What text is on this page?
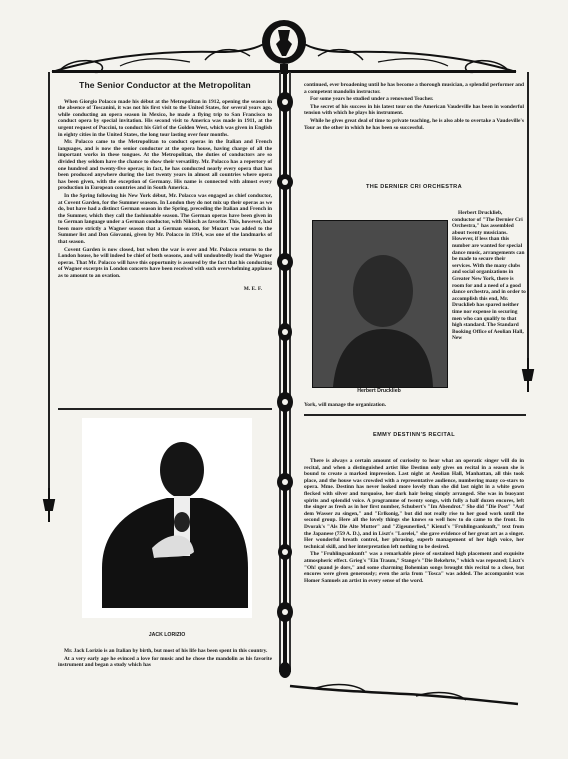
The Senior Conductor at the Metropolitan

When Giorgio Polacco made his début at the Metropolitan in 1912, opening the season in the absence of Toscanini, it was not his first visit to the United States, for several years ago, while conducting an opera season in Mexico, he made a flying trip to San Francisco to conduct opera by special invitation. His second visit to America was made in 1911, at the urgent request of Puccini, to conduct his Girl of the Golden West, which was given in English in eighty cities in the United States, the long tour lasting over four months.

Mr. Polacco came to the Metropolitan to conduct operas in the Italian and French languages, and is now the senior conductor at the opera house, having charge of all the important works in these tongues. At the Metropolitan, the duties of conductors are so divided they seldom have the chance to show their versatility. Mr. Polacco has a repertory of one hundred and twenty-five operas; in fact, he has conducted nearly every opera that has been produced anywhere during the last twenty years in almost all countries where opera has been given, with the exception of Germany. His name is connected with almost every production in European countries and in South America.

In the Spring following his New York début, Mr. Polacco was engaged as chief conductor, at Covent Garden, for the Summer seasons. In London they do not mix up their operas as we do, but have had a distinct German season in the Spring, preceding the Italian and French in the Summer, which they call the fashionable season. The German operas have been given in to German language under a German conductor, with Nikisch as favorite. This, however, had been more strictly a Wagner season that a German season, for Mozart was added to the Summer list and Don Giovanni, given by Mr. Polacco in 1914, was one of the landmarks of that season.

Covent Garden is now closed, but when the war is over and Mr. Polacco returns to the London house, he will indeed be chief of both seasons, and will undoubtedly lead the Wagner operas. That Mr. Polacco will have this opportunity is assured by the fact that his conducting of Wagner excerpts in London concerts have been received with such overwhelming applause as to amount to an ovation.

M. E. F.
JACK LORIZIO

Mr. Jack Lorizio is an Italian by birth, but most of his life has been spent in this country.

At a very early age he evinced a love for music and he chose the mandolin as his favorite instrument and began a study which has

continued, ever broadening until he has become a thorough musician, a splendid performer and a competent mandolin instructor.

For some years he studied under a renowned Teacher.

The secret of his success in his latest tour on the American Vaudeville has been in wonderful tension with which he plays his instrument.

While he gives great deal of time to private teaching, he is also able to overtake a Vaudeville's Tour as the other in which he has been so successful.

THE DERNIER CRI ORCHESTRA
Herbert Drucklieb

Herbert Drucklieb, conductor of "The Dernier Cri Orchestra," has assembled about twenty musicians. However, if less than this number are wanted for special dance music, arrangements can be made to secure their services. With the many clubs and social organizations in Greater New York, there is room for and a need of a good dance orchestra, and in order to accomplish this end, Mr. Drucklieb has spared neither time nor expense in securing men who can qualify to that high standard. The Standard Booking Office of Aeolian Hall, New

York, will manage the organization.

EMMY DESTINN'S RECITAL

There is always a certain amount of curiosity to hear what an operatic singer will do in recital, and when a distinguished artist like Destinn only gives on recital in a season she is bound to create a marked impression. Last night at Aeolian Hall, Manhattan, all this took place, and the house was crowded with a representative audience, numbering many co-stars to opera. Mme. Destinn has never looked more lovely than she did last night in a white gown flecked with silver and turquoise, her dark hair being simply arranged. She was in buoyant spirits and splendid voice. A programme of twenty songs, with fully a half dozen encores, left the singer as fresh as in her first number, Schubert's "Im Abendrot." She did "Die Post" "Auf dem Wasser zu singen," and "Erlkonig," but did not really rise to her good work until the second group. Here all the lovely things she knows so well how to do came to the front. In Dvorak's "Als Die Alte Mutter" and "Zigeunerlied," Kienzl's "Fruhlingsankunft," text from the Japanese (759 A. D.), and in Liszt's "Lorelei," she gave evidence of her great art as a singer. Her wonderful breath control, her phrasing, superb management of her high voice, her technical skill, and her interpretation left nothing to be desired.

The "Fruhlingsankunft" was a remarkable piece of sustained high placement and exquisite atmospheric effect. Grieg's "Ein Traum," Stange's "Die Bekehrte," which was repeated; Liszt's "Oh! quand je dors," and some charming Bohemian songs brought this recital to a close, but encores were given generously; even the aria from "Tosca" was added. The accompanist was Homer Samuels an artist in every sense of the word.
